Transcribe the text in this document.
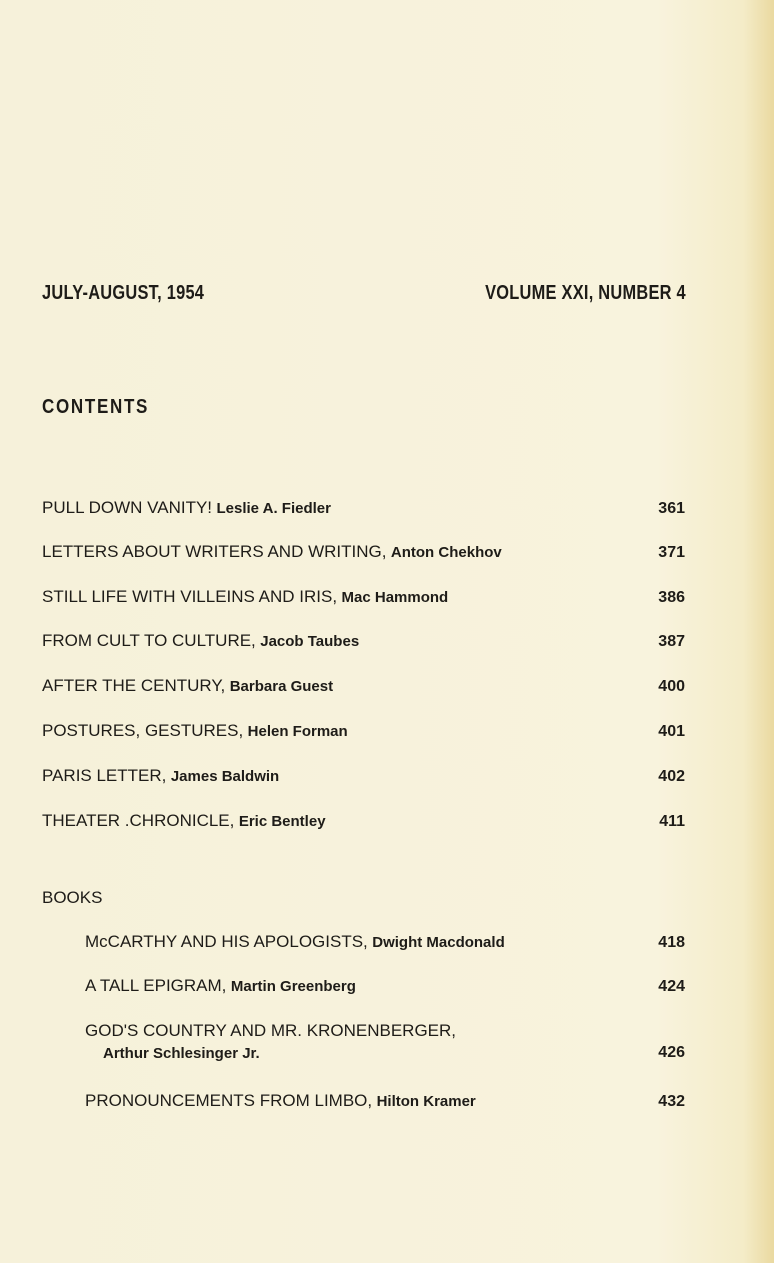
JULY-AUGUST, 1954	VOLUME XXI, NUMBER 4
CONTENTS
PULL DOWN VANITY! Leslie A. Fiedler	361
LETTERS ABOUT WRITERS AND WRITING, Anton Chekhov	371
STILL LIFE WITH VILLEINS AND IRIS, Mac Hammond	386
FROM CULT TO CULTURE, Jacob Taubes	387
AFTER THE CENTURY, Barbara Guest	400
POSTURES, GESTURES, Helen Forman	401
PARIS LETTER, James Baldwin	402
THEATER .CHRONICLE, Eric Bentley	411
BOOKS
McCARTHY AND HIS APOLOGISTS, Dwight Macdonald	418
A TALL EPIGRAM, Martin Greenberg	424
GOD'S COUNTRY AND MR. KRONENBERGER,
Arthur Schlesinger Jr.	426
PRONOUNCEMENTS FROM LIMBO, Hilton Kramer	432
